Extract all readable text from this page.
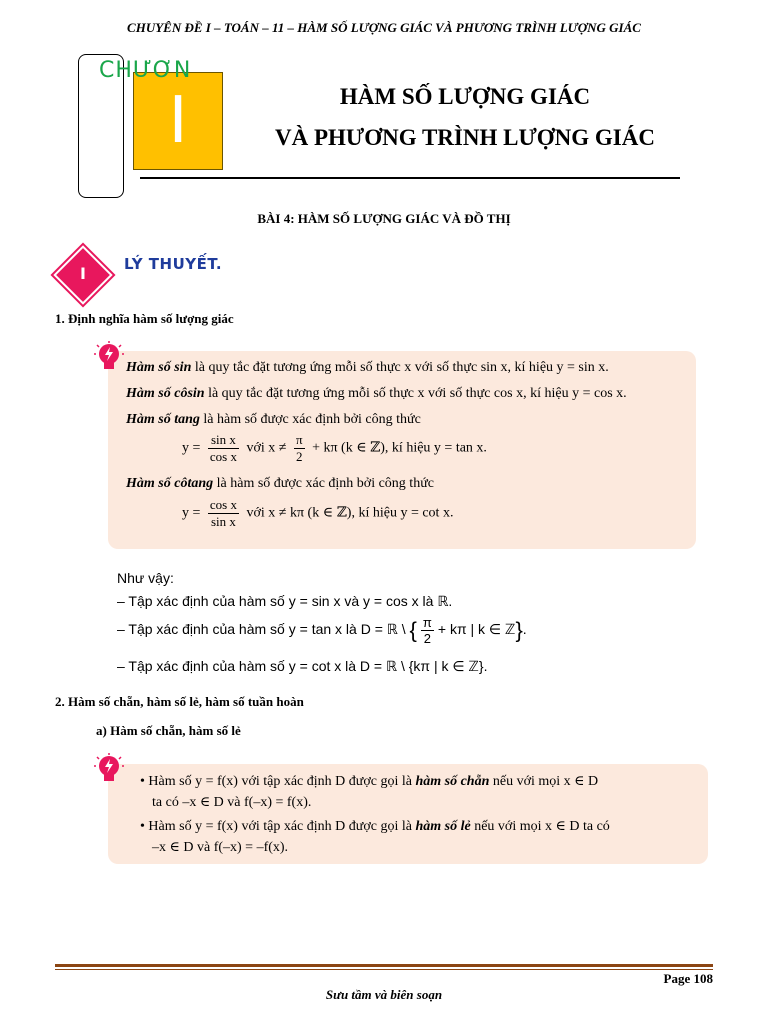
CHUYÊN ĐỀ I – TOÁN – 11 – HÀM SỐ LƯỢNG GIÁC VÀ PHƯƠNG TRÌNH LƯỢNG GIÁC
I
CHƯƠN
HÀM SỐ LƯỢNG GIÁC
VÀ PHƯƠNG TRÌNH LƯỢNG GIÁC
BÀI 4: HÀM SỐ LƯỢNG GIÁC VÀ ĐỒ THỊ
I	LÝ THUYẾT.
1. Định nghĩa hàm số lượng giác
Hàm số sin là quy tắc đặt tương ứng mỗi số thực x với số thực sin x, kí hiệu y = sin x.
Hàm số côsin là quy tắc đặt tương ứng mỗi số thực x với số thực cos x, kí hiệu y = cos x.
Hàm số tang là hàm số được xác định bởi công thức
$y = \frac{\text{sin x}}{\text{cos x}}$ với $x \ne \frac{\pi}{2} + k\pi$ (k ∈ ℤ), kí hiệu y = tan x.
Hàm số côtang là hàm số được xác định bởi công thức
$y = \frac{\text{cos x}}{\text{sin x}}$ với x ≠ kπ (k ∈ ℤ), kí hiệu y = cot x.
Như vậy:
– Tập xác định của hàm số y = sin x và y = cos x là ℝ.
– Tập xác định của hàm số y = tan x là D = ℝ \ { $\frac{\pi}{2} + k\pi$ | k ∈ ℤ}.
– Tập xác định của hàm số y = cot x là D = ℝ \ {kπ | k ∈ ℤ}.
2. Hàm số chẵn, hàm số lẻ, hàm số tuần hoàn
a) Hàm số chẵn, hàm số lẻ
• Hàm số y = f(x) với tập xác định D được gọi là hàm số chẵn nếu với mọi x ∈ D
ta có –x ∈ D và f(–x) = f(x).
• Hàm số y = f(x) với tập xác định D được gọi là hàm số lẻ nếu với mọi x ∈ D ta có
–x ∈ D và f(–x) = –f(x).
Page 108
Sưu tầm và biên soạn
